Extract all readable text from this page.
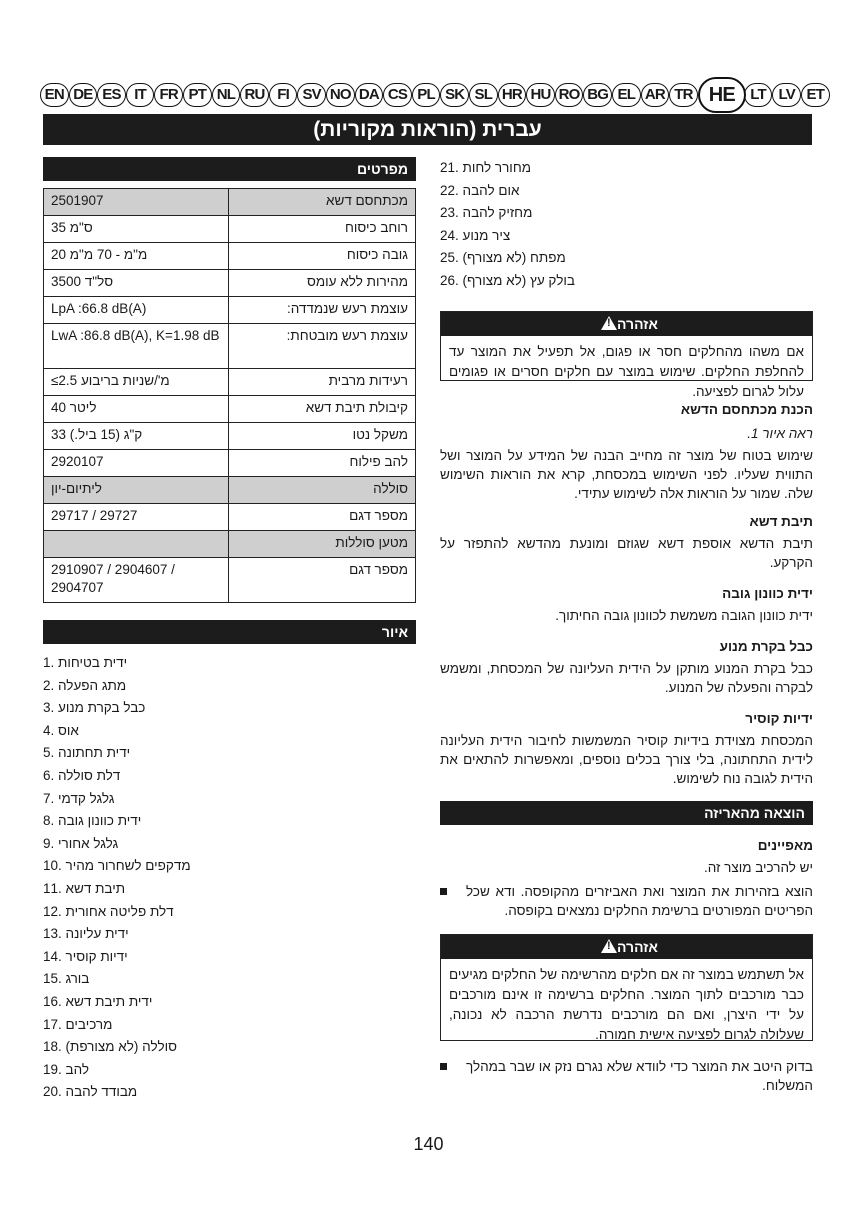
EN DE ES IT FR PT NL RU FI SV NO DA CS PL SK SL HR HU RO BG EL AR TR HE	LT LV ET
עברית (הוראות מקוריות)
מפרטים
2501907	מכתחסם דשא
35 ס"מ	רוחב כיסוח
20 מ"מ - 70 מ"מ	גובה כיסוח
3500 סל"ד	מהירות ללא עומס
LpA :66.8 dB(A)	עוצמת רעש שנמדדה:
LwA :86.8 dB(A), K=1.98 dB	עוצמת רעש מובטחת:
≤2.5 מ'/שניות בריבוע	רעידות מרבית
40 ליטר	קיבולת תיבת דשא
33 ק"ג (15 ביל.)	משקל נטו
2920107	להב פילוח
ליתיום-יון	סוללה
29717 / 29727	מספר דגם
	מטען סוללות
2910907 / 2904607 / 2904707	מספר דגם
איור
1. ידית בטיחות
2. מתג הפעלה
3. כבל בקרת מנוע
4. אוס
5. ידית תחתונה
6. דלת סוללה
7. גלגל קדמי
8. ידית כוונון גובה
9. גלגל אחורי
10. מדקפים לשחרור מהיר
11. תיבת דשא
12. דלת פליטה אחורית
13. ידית עליונה
14. ידיות קוסיר
15. בורג
16. ידית תיבת דשא
17. מרכיבים
18. סוללה (לא מצורפת)
19. להב
20. מבודד להבה
21. מחורר לחות
22. אום להבה
23. מחזיק להבה
24. ציר מנוע
25. מפתח (לא מצורף)
26. בולק עץ (לא מצורף)
אזהרה!
אם משהו מהחלקים חסר או פגום, אל תפעיל את המוצר עד להחלפת החלקים. שימוש במוצר עם חלקים חסרים או פגומים עלול לגרום לפציעה.
הכנת מכתחסם הדשא
ראה איור 1.
שימוש בטוח של מוצר זה מחייב הבנה של המידע על המוצר ושל התווית שעליו. לפני השימוש במכסחת, קרא את הוראות השימוש שלה. שמור על הוראות אלה לשימוש עתידי.
תיבת דשא
תיבת הדשא אוספת דשא שגוזם ומונעת מהדשא להתפזר על הקרקע.
ידית כוונון גובה
ידית כוונון הגובה משמשת לכוונון גובה החיתוך.
כבל בקרת מנוע
כבל בקרת המנוע מותקן על הידית העליונה של המכסחת, ומשמש לבקרה והפעלה של המנוע.
ידיות קוסיר
המכסחת מצוידת בידיות קוסיר המשמשות לחיבור הידית העליונה לידית התחתונה, בלי צורך בכלים נוספים, ומאפשרות להתאים את הידית לגובה נוח לשימוש.
הוצאה מהאריזה
מאפיינים
יש להרכיב מוצר זה.
הוצא בזהירות את המוצר ואת האביזרים מהקופסה. ודא שכל הפריטים המפורטים ברשימת החלקים נמצאים בקופסה.
אזהרה!
אל תשתמש במוצר זה אם חלקים מהרשימה של החלקים מגיעים כבר מורכבים לתוך המוצר. החלקים ברשימה זו אינם מורכבים על ידי היצרן, ואם הם מורכבים נדרשת הרכבה לא נכונה, שעלולה לגרום לפציעה אישית חמורה.
בדוק היטב את המוצר כדי לוודא שלא נגרם נזק או שבר במהלך המשלוח.
140
